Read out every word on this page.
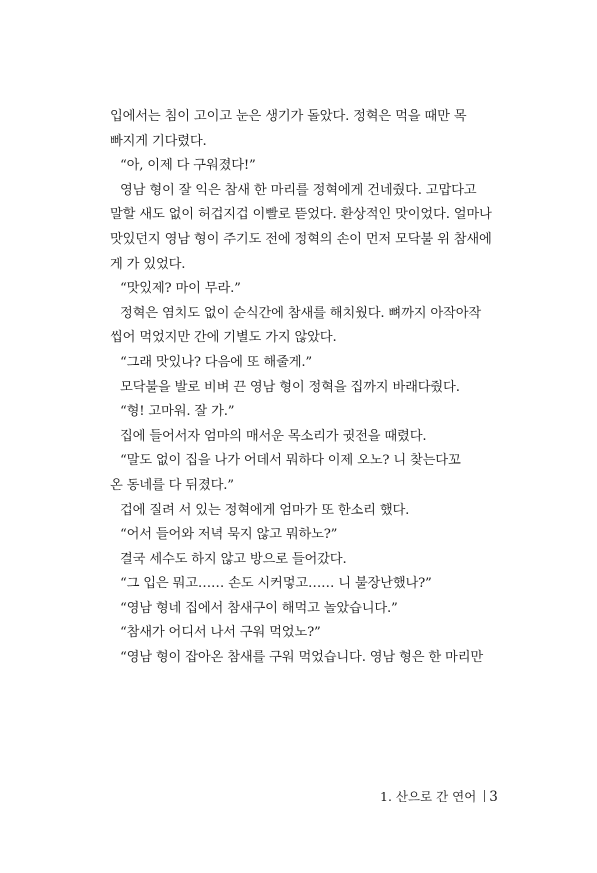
입에서는 침이 고이고 눈은 생기가 돌았다. 정혁은 먹을 때만 목
빠지게 기다렸다.
“아, 이제 다 구워졌다!”
영남 형이 잘 익은 참새 한 마리를 정혁에게 건네줬다. 고맙다고
말할 새도 없이 허겁지겁 이빨로 뜯었다. 환상적인 맛이었다. 얼마나
맛있던지 영남 형이 주기도 전에 정혁의 손이 먼저 모닥불 위 참새에
게 가 있었다.
“맛있제? 마이 무라.”
정혁은 염치도 없이 순식간에 참새를 해치웠다. 뼈까지 아작아작
씹어 먹었지만 간에 기별도 가지 않았다.
“그래 맛있나? 다음에 또 해줄게.”
모닥불을 발로 비벼 끈 영남 형이 정혁을 집까지 바래다줬다.
“형! 고마워. 잘 가.”
집에 들어서자 엄마의 매서운 목소리가 귓전을 때렸다.
“말도 없이 집을 나가 어데서 뭐하다 이제 오노? 니 찾는다꼬
온 동네를 다 뒤졌다.”
겁에 질려 서 있는 정혁에게 엄마가 또 한소리 했다.
“어서 들어와 저녁 묵지 않고 뭐하노?”
결국 세수도 하지 않고 방으로 들어갔다.
“그 입은 뭐고…… 손도 시커멓고…… 니 불장난했나?”
“영남 형네 집에서 참새구이 해먹고 놀았습니다.”
“참새가 어디서 나서 구워 먹었노?”
“영남 형이 잡아온 참새를 구워 먹었습니다. 영남 형은 한 마리만
1. 산으로 간 연어 3
